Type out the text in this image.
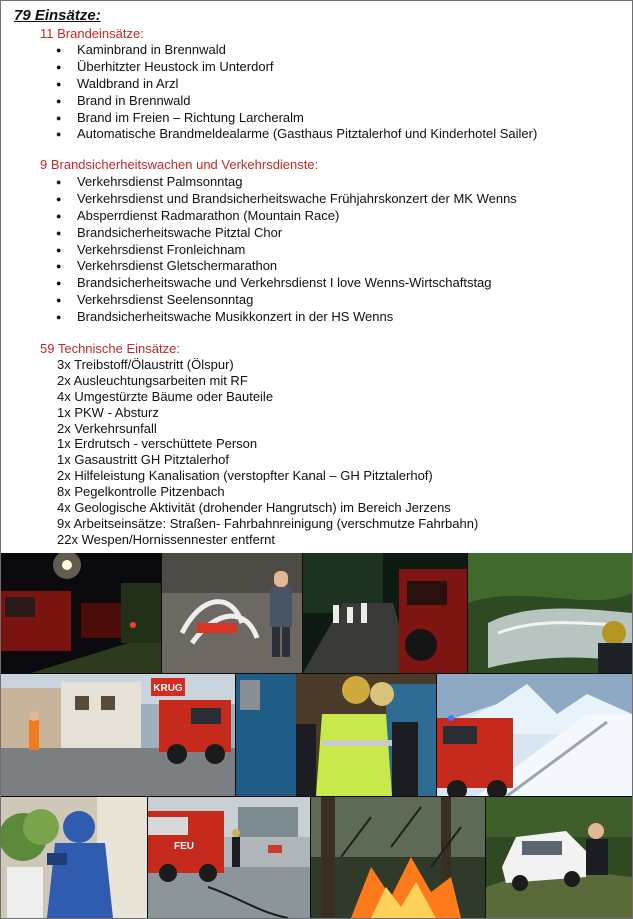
79 Einsätze:
11 Brandeinsätze:
● Kaminbrand in Brennwald
● Überhitzter Heustock im Unterdorf
● Waldbrand in Arzl
● Brand in Brennwald
● Brand im Freien – Richtung Larcheralm
● Automatische Brandmeldealarme (Gasthaus Pitztalerhof und Kinderhotel Sailer)
9 Brandsicherheitswachen und Verkehrsdienste:
● Verkehrsdienst Palmsonntag
● Verkehrsdienst und Brandsicherheitswache Frühjahrskonzert der MK Wenns
● Absperrdienst Radmarathon (Mountain Race)
● Brandsicherheitswache Pitztal Chor
● Verkehrsdienst Fronleichnam
● Verkehrsdienst Gletschermarathon
● Brandsicherheitswache und Verkehrsdienst I love Wenns-Wirtschaftstag
● Verkehrsdienst Seelensonntag
● Brandsicherheitswache Musikkonzert in der HS Wenns
59 Technische Einsätze:
3x Treibstoff/Ölaustritt (Ölspur)
2x Ausleuchtungsarbeiten mit RF
4x Umgestürzte Bäume oder Bauteile
1x PKW - Absturz
2x Verkehrsunfall
1x Erdrutsch - verschüttete Person
1x Gasaustritt GH Pitztalerhof
2x Hilfeleistung Kanalisation (verstopfter Kanal – GH Pitztalerhof)
8x Pegelkontrolle Pitzenbach
4x Geologische Aktivität (drohender Hangrutsch) im Bereich Jerzens
9x Arbeitseinsätze: Straßen- Fahrbahnreinigung (verschmutze Fahrbahn)
22x Wespen/Hornissennester entfernt
KRUG
FEU
